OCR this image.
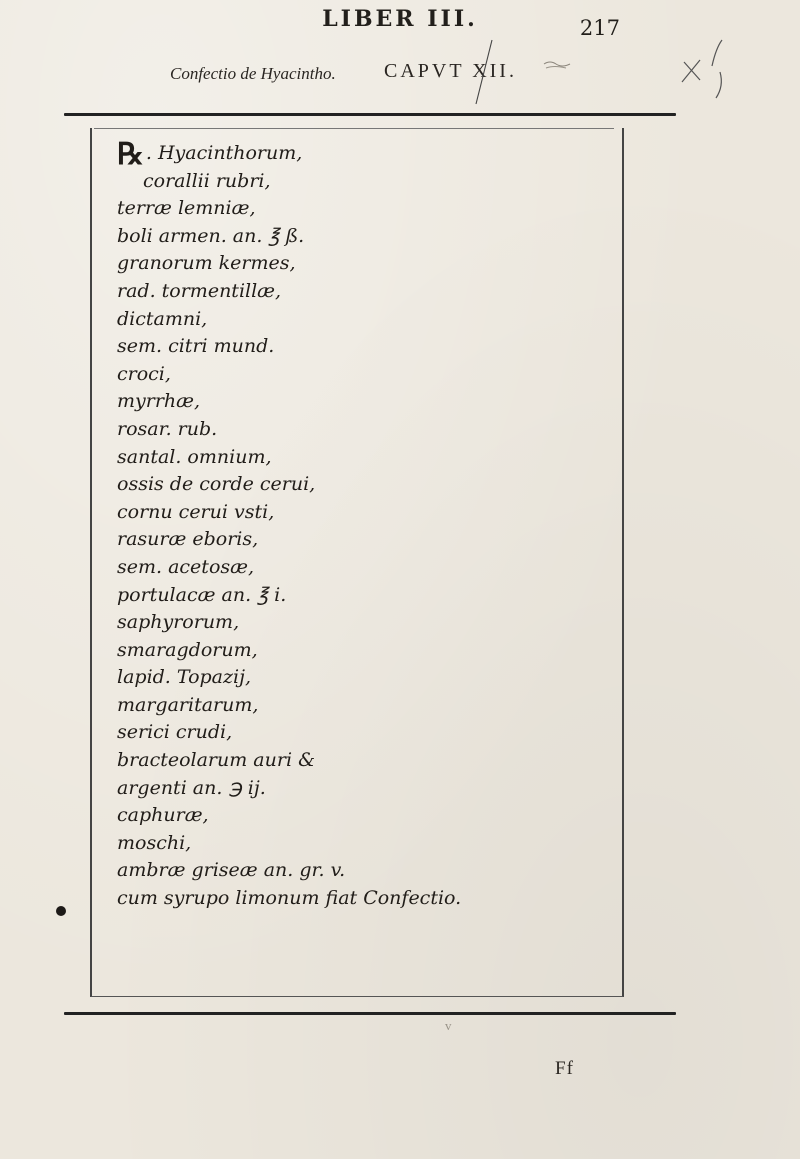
LIBER III.	217
Confectio de Hyacintho. CAPVT XII.
℞ . Hyacinthorum,
corallii rubri,
terræ lemniæ,
boli armen. an. ℥ ß.
granorum kermes,
rad. tormentillæ,
dictamni,
sem. citri mund.
croci,
myrrhæ,
rosar. rub.
santal. omnium,
ossis de corde cerui,
cornu cerui vsti,
rasuræ eboris,
sem. acetosæ,
portulacæ an. ℥ i.
saphyrorum,
smaragdorum,
lapid. Topazij,
margaritarum,
serici crudi,
bracteolarum auri &
argenti an. ℈ ij.
caphuræ,
moschi,
ambræ griseæ an. gr. v.
cum syrupo limonum fiat Confectio.
v
Ff
